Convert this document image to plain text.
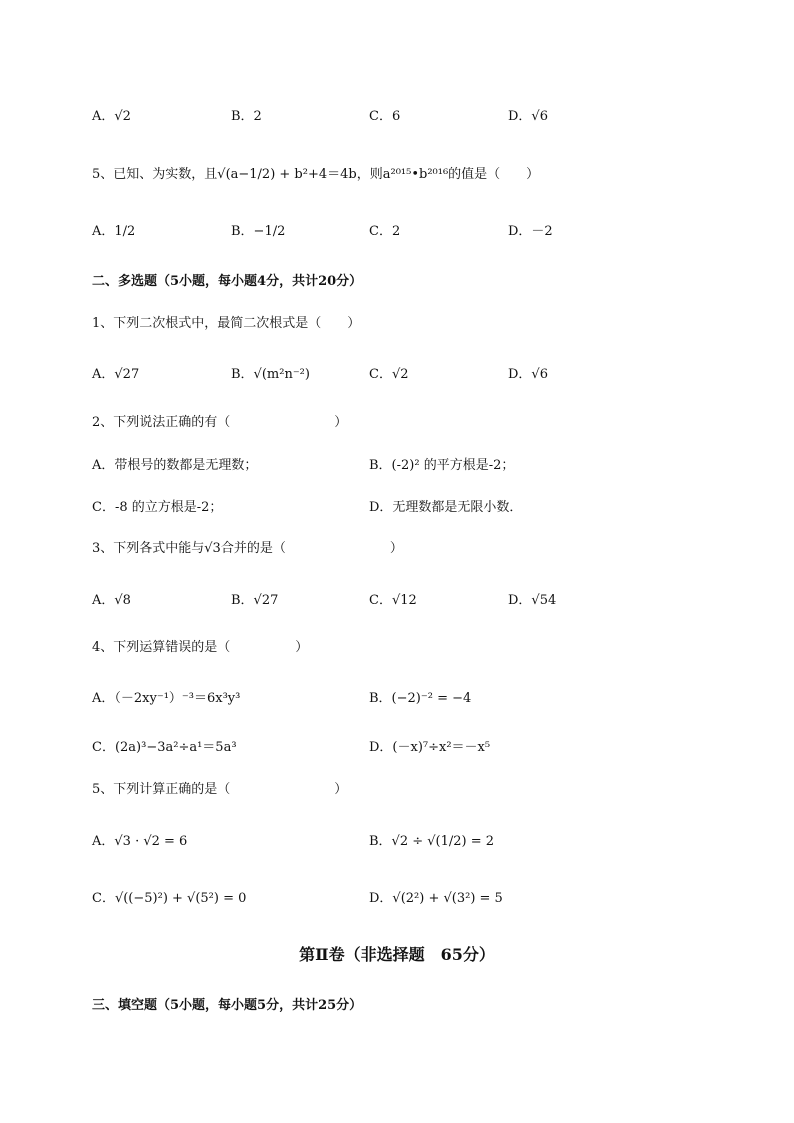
A．√2	B．2	C．6	D．√6
5、已知、为实数，且√(a−1/2) + b²+4＝4b，则a²⁰¹⁵•b²⁰¹⁶的值是（　　）
A．1/2	B．−1/2	C．2	D．－2
二、多选题（5小题，每小题4分，共计20分）
1、下列二次根式中，最简二次根式是（　　）
A．√27	B．√(m²n⁻²)	C．√2	D．√6
2、下列说法正确的有（　　　　　　　　）
A．带根号的数都是无理数；	B．(-2)² 的平方根是-2；
C．-8 的立方根是-2；	D．无理数都是无限小数．
3、下列各式中能与√3合并的是（　　　　　　　　）
A．√8	B．√27	C．√12	D．√54
4、下列运算错误的是（　　　　　）
A．（－2xy⁻¹）⁻³＝6x³y³	B．(−2)⁻² = −4
C．(2a)³−3a²÷a¹＝5a³	D．(－x)⁷÷x²＝－x⁵
5、下列计算正确的是（　　　　　　　　）
A．√3 · √2 = 6	B．√2 ÷ √(1/2) = 2
C．√((−5)²) + √(5²) = 0	D．√(2²) + √(3²) = 5
第Ⅱ卷（非选择题　65分）
三、填空题（5小题，每小题5分，共计25分）
